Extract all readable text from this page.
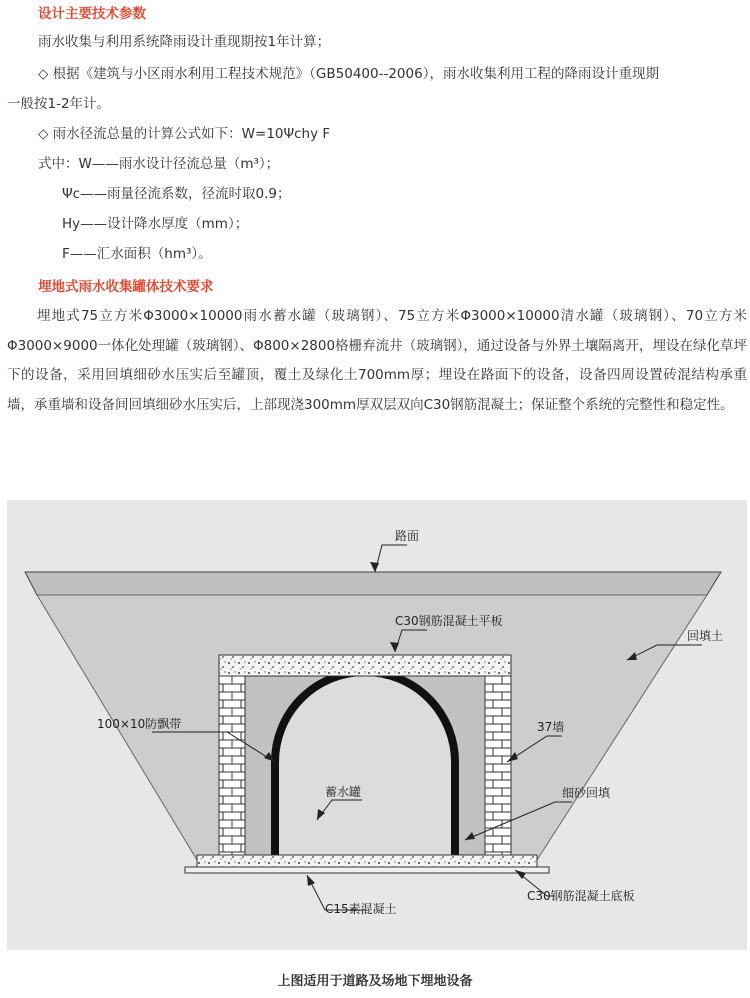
设计主要技术参数

雨水收集与利用系统降雨设计重现期按1年计算；

◇ 根据《建筑与小区雨水利用工程技术规范》（GB50400--2006），雨水收集利用工程的降雨设计重现期

一般按1-2年计。

◇ 雨水径流总量的计算公式如下：W=10Ψchy F

式中：W——雨水设计径流总量（m³）；

Ψc——雨量径流系数，径流时取0.9；

Hy——设计降水厚度（mm）；

F——汇水面积（hm³）。

埋地式雨水收集罐体技术要求

埋地式75立方米Φ3000×10000雨水蓄水罐（玻璃钢）、75立方米Φ3000×10000清水罐（玻璃钢）、70立方米Φ3000×9000一体化处理罐（玻璃钢）、Φ800×2800格栅弃流井（玻璃钢），通过设备与外界土壤隔离开，埋设在绿化草坪下的设备，采用回填细砂水压实后至罐顶，覆土及绿化土700mm厚；埋设在路面下的设备，设备四周设置砖混结构承重墙，承重墙和设备间回填细砂水压实后，上部现浇300mm厚双层双向C30钢筋混凝土；保证整个系统的完整性和稳定性。

路面
C30钢筋混凝土平板
回填土
100×10防飘带	37墙
蓄水罐	细砂回填
C15素混凝土
C30钢筋混凝土底板

上图适用于道路及场地下埋地设备
